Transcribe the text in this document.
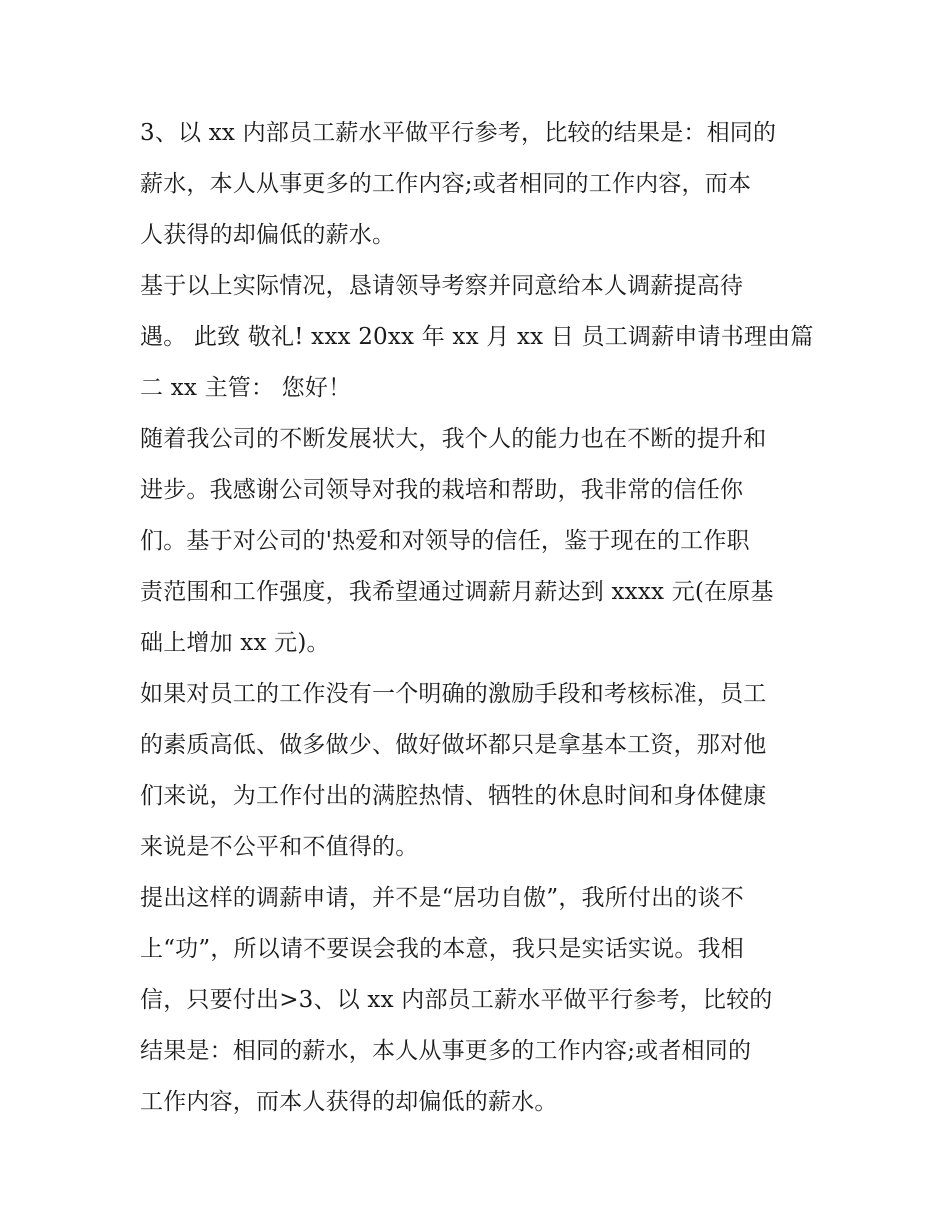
3、以 xx 内部员工薪水平做平行参考，比较的结果是：相同的
薪水，本人从事更多的工作内容;或者相同的工作内容，而本
人获得的却偏低的薪水。
基于以上实际情况，恳请领导考察并同意给本人调薪提高待
遇。 此致 敬礼! xxx 20xx 年 xx 月 xx 日 员工调薪申请书理由篇
二 xx 主管： 您好！
随着我公司的不断发展状大，我个人的能力也在不断的提升和
进步。我感谢公司领导对我的栽培和帮助，我非常的信任你
们。基于对公司的'热爱和对领导的信任，鉴于现在的工作职
责范围和工作强度，我希望通过调薪月薪达到 xxxx 元(在原基
础上增加 xx 元)。
如果对员工的工作没有一个明确的激励手段和考核标准，员工
的素质高低、做多做少、做好做坏都只是拿基本工资，那对他
们来说，为工作付出的满腔热情、牺牲的休息时间和身体健康
来说是不公平和不值得的。
提出这样的调薪申请，并不是“居功自傲”，我所付出的谈不
上“功”，所以请不要误会我的本意，我只是实话实说。我相
信，只要付出>3、以 xx 内部员工薪水平做平行参考，比较的
结果是：相同的薪水，本人从事更多的工作内容;或者相同的
工作内容，而本人获得的却偏低的薪水。
